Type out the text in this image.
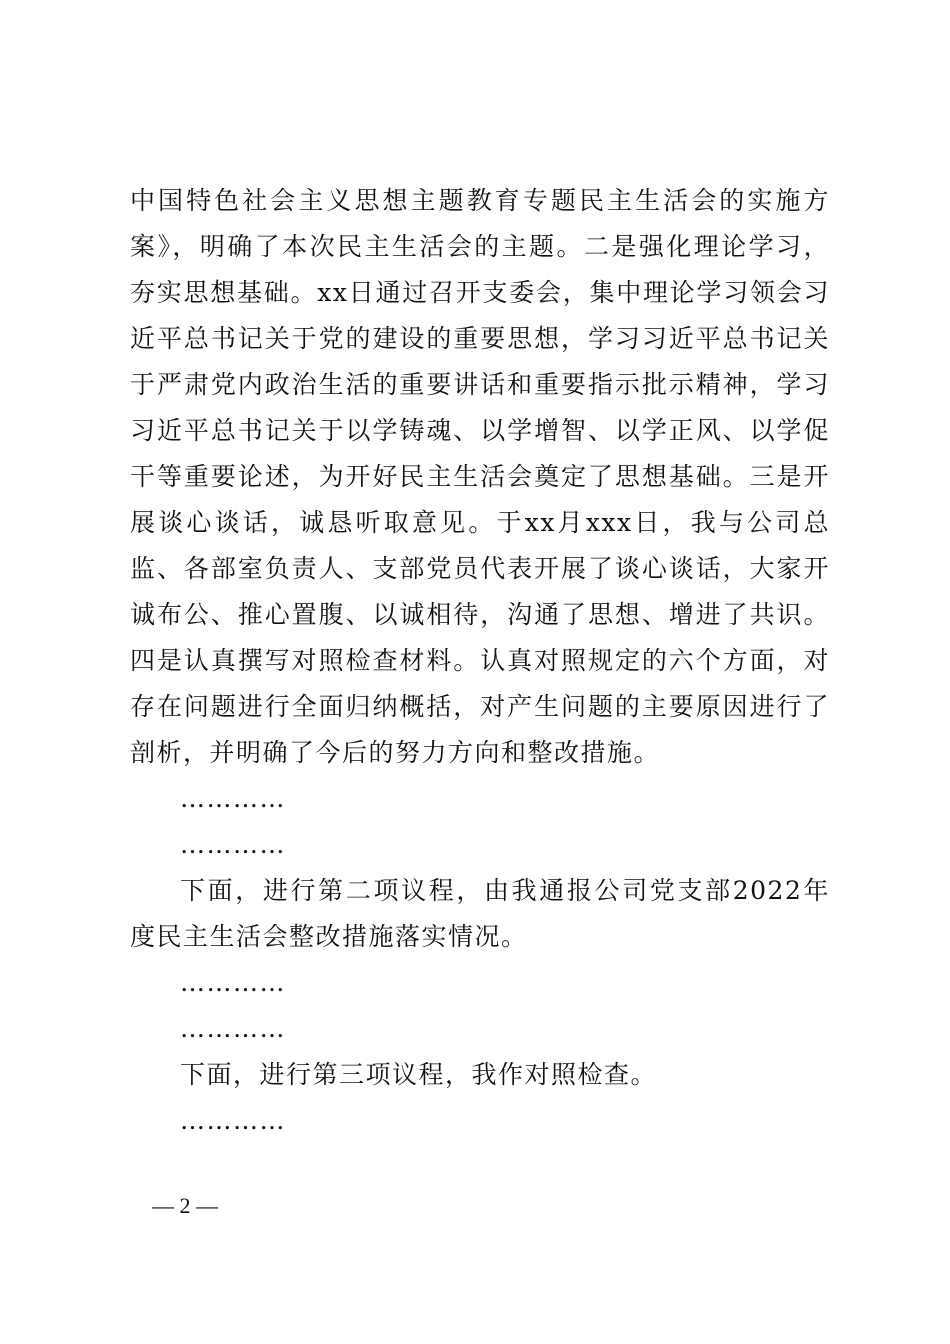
中国特色社会主义思想主题教育专题民主生活会的实施方案》，明确了本次民主生活会的主题。二是强化理论学习，夯实思想基础。xx日通过召开支委会，集中理论学习领会习近平总书记关于党的建设的重要思想，学习习近平总书记关于严肃党内政治生活的重要讲话和重要指示批示精神，学习习近平总书记关于以学铸魂、以学增智、以学正风、以学促干等重要论述，为开好民主生活会奠定了思想基础。三是开展谈心谈话，诚恳听取意见。于xx月xxx日，我与公司总监、各部室负责人、支部党员代表开展了谈心谈话，大家开诚布公、推心置腹、以诚相待，沟通了思想、增进了共识。四是认真撰写对照检查材料。认真对照规定的六个方面，对存在问题进行全面归纳概括，对产生问题的主要原因进行了剖析，并明确了今后的努力方向和整改措施。

…………

…………

下面，进行第二项议程，由我通报公司党支部2022年度民主生活会整改措施落实情况。

…………

…………

下面，进行第三项议程，我作对照检查。

…………

— 2 —
